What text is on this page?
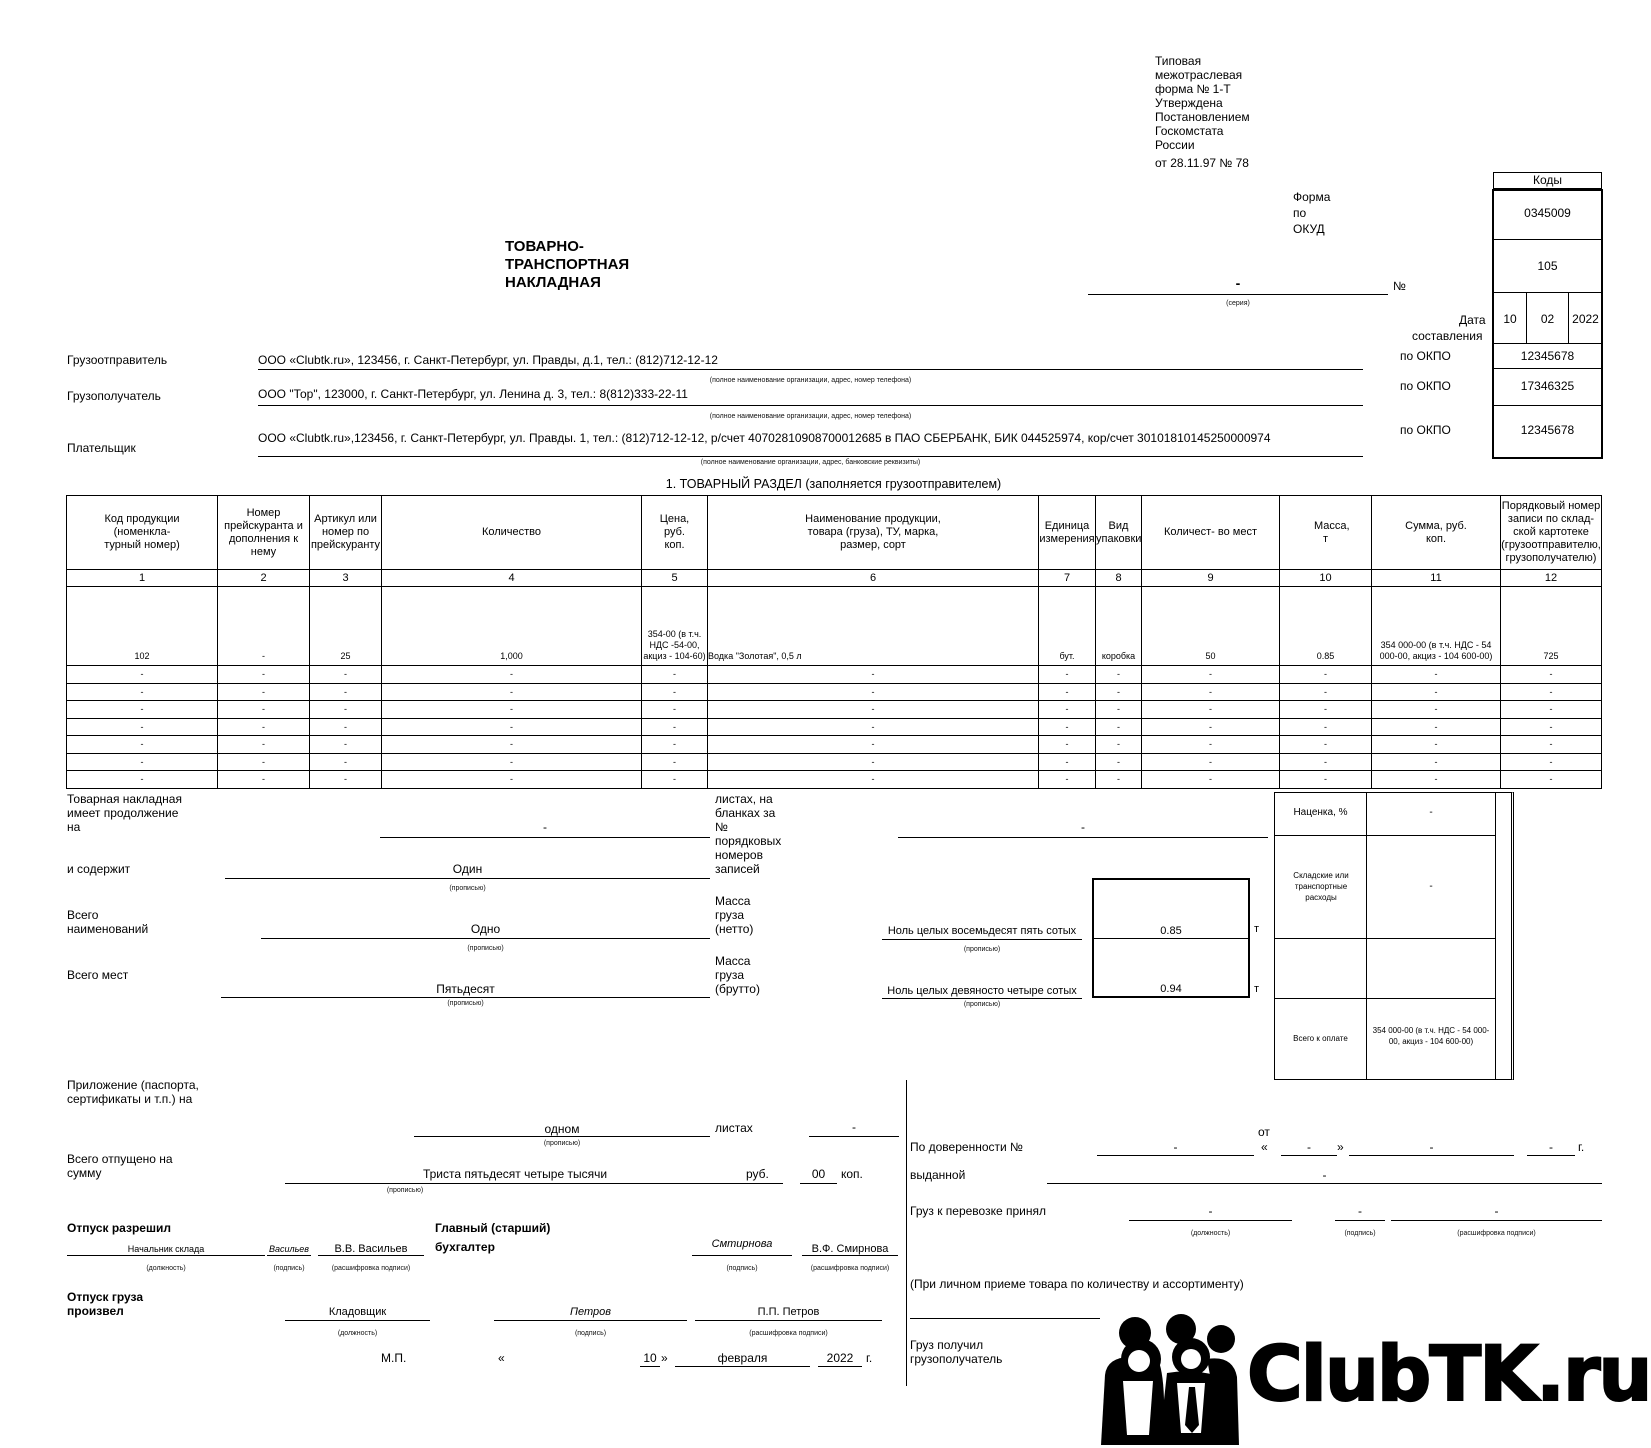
Типовая
межотраслевая
форма № 1-Т
Утверждена
Постановлением
Госкомстата
России
от 28.11.97 № 78
Коды
0345009
105
10	02	2022
12345678
17346325
12345678
Форма
по
ОКУД
Дата
составления
по ОКПО
по ОКПО
по ОКПО
ТОВАРНО-
ТРАНСПОРТНАЯ
НАКЛАДНАЯ	-
(серия)
№
Грузоотправитель	ООО «Clubtk.ru», 123456, г. Санкт-Петербург, ул. Правды, д.1, тел.: (812)712-12-12
(полное наименование организации, адрес, номер телефона)
Грузополучатель	ООО "Тор", 123000, г. Санкт-Петербург, ул. Ленина д. 3, тел.: 8(812)333-22-11
(полное наименование организации, адрес, номер телефона)
Плательщик
ООО «Clubtk.ru»,123456, г. Санкт-Петербург, ул. Правды. 1, тел.: (812)712-12-12, р/счет 40702810908700012685 в ПАО СБЕРБАНК, БИК 044525974, кор/счет 30101810145250000974
(полное наименование организации, адрес, банковские реквизиты)
1. ТОВАРНЫЙ РАЗДЕЛ (заполняется грузоотправителем)
Код продукции (номенкла- турный номер)	Номер прейскуранта и дополнения к нему	Артикул или номер по прейскуранту	Количество	Цена, руб. коп.	Наименование продукции, товара (груза), ТУ, марка, размер, сорт	Единица измерения	Вид упаковки	Количест- во мест	Масса, т	Сумма, руб. коп.	Порядковый номер записи по склад- ской картотеке (грузоотправителю, грузополучателю)
1	2	3	4	5	6	7	8	9	10	11	12
102	-	25	1,000	354-00 (в т.ч. НДС -54-00, акциз - 104-60)	Водка "Золотая", 0,5 л	бут.	коробка	50	0.85	354 000-00 (в т.ч. НДС - 54 000-00, акциз - 104 600-00)	725
-	-	-	-	-	-	-	-	-	-	-	-
-	-	-	-	-	-	-	-	-	-	-	-
-	-	-	-	-	-	-	-	-	-	-	-
-	-	-	-	-	-	-	-	-	-	-	-
-	-	-	-	-	-	-	-	-	-	-	-
-	-	-	-	-	-	-	-	-	-	-	-
-	-	-	-	-	-	-	-	-	-	-	-
Товарная накладная имеет продолжение на	-
листах, на бланках за №	-
и содержит	Один
(прописью)
порядковых номеров записей
Всего наименований	Одно
(прописью)
Масса груза (нетто)	Ноль целых восемьдесят пять сотых
(прописью)
0.85	т
Всего мест
Пятьдесят
(прописью)
Масса груза (брутто)	Ноль целых девяносто четыре сотых
(прописью)
0.94	т
Наценка, %	-
Складские или транспортные расходы
-
Всего к оплате
354 000-00 (в т.ч. НДС - 54 000-00, акциз - 104 600-00)
Приложение (паспорта, сертификаты и т.п.) на
одном
(прописью)
листах	-
Всего отпущено на сумму	Триста пятьдесят четыре тысячи
(прописью)
руб.	00	коп.
Отпуск разрешил
Начальник склада
(должность)
Васильев
(подпись)
В.В. Васильев
(расшифровка подписи)
Главный (старший)
бухгалтер	Смтирнова
(подпись)
В.Ф. Смирнова
(расшифровка подписи)
Отпуск груза произвел	Кладовщик
(должность)
Петров
(подпись)
П.П. Петров
(расшифровка подписи)
М.П.	«	10 »	февраля	2022	г.
от
По доверенности №	-	«	-	»	-	-	г.
выданной	-
Груз к перевозке принял	-
(должность)
-
(подпись)
-
(расшифровка подписи)
(При личном приеме товара по количеству и ассортименту)
Груз получил грузополучатель	ClubTK.ru
